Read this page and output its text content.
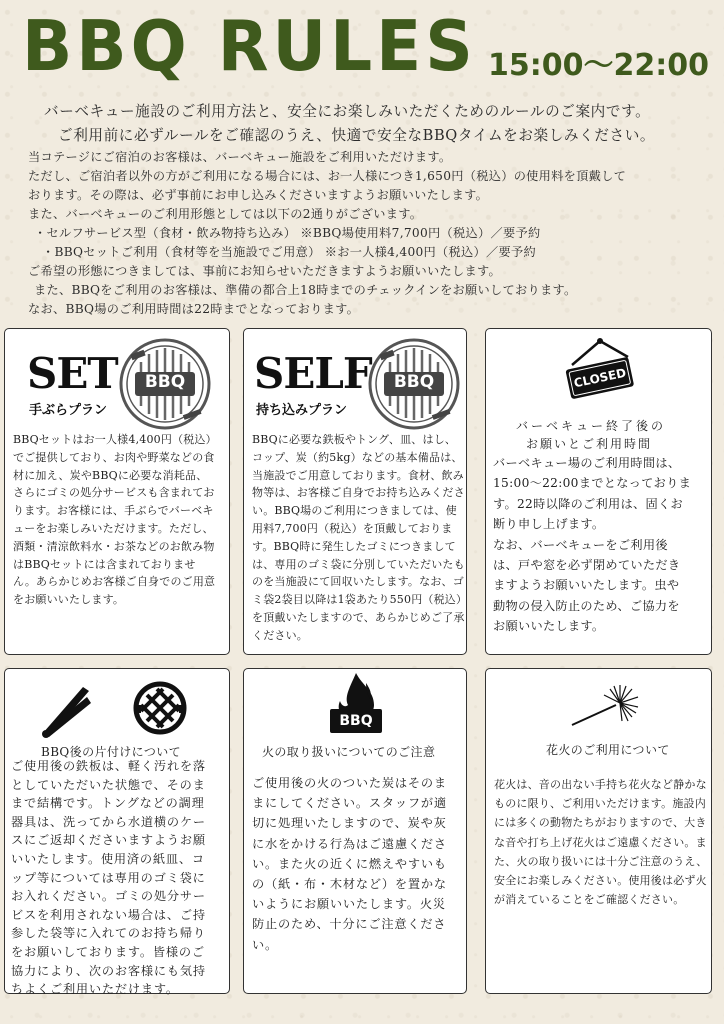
BBQ RULES 15:00～22:00
バーベキュー施設のご利用方法と、安全にお楽しみいただくためのルールのご案内です。
ご利用前に必ずルールをご確認のうえ、快適で安全なBBQタイムをお楽しみください。
当コテージにご宿泊のお客様は、バーベキュー施設をご利用いただけます。
ただし、ご宿泊者以外の方がご利用になる場合には、お一人様につき1,650円（税込）の使用料を頂戴して
おります。その際は、必ず事前にお申し込みくださいますようお願いいたします。
また、バーベキューのご利用形態としては以下の2通りがございます。
・セルフサービス型（食材・飲み物持ち込み） ※BBQ場使用料7,700円（税込）／要予約
・BBQセットご利用（食材等を当施設でご用意） ※お一人様4,400円（税込）／要予約
ご希望の形態につきましては、事前にお知らせいただきますようお願いいたします。
また、BBQをご利用のお客様は、準備の都合上18時までのチェックインをお願いしております。
なお、BBQ場のご利用時間は22時までとなっております。
SET
手ぶらプラン
BBQ
BBQセットはお一人様4,400円（税込）
でご提供しており、お肉や野菜などの食
材に加え、炭やBBQに必要な消耗品、
さらにゴミの処分サービスも含まれてお
ります。お客様には、手ぶらでバーベキ
ューをお楽しみいただけます。ただし、
酒類・清涼飲料水・お茶などのお飲み物
はBBQセットには含まれておりませ
ん。あらかじめお客様ご自身でのご用意
をお願いいたします。
SELF
持ち込みプラン
BBQ
BBQに必要な鉄板やトング、皿、はし、
コップ、炭（約5kg）などの基本備品は、
当施設でご用意しております。食材、飲み
物等は、お客様ご自身でお持ち込みくださ
い。BBQ場のご利用につきましては、使
用料7,700円（税込）を頂戴しておりま
す。BBQ時に発生したゴミにつきまして
は、専用のゴミ袋に分別していただいたも
のを当施設にて回収いたします。なお、ゴ
ミ袋2袋目以降は1袋あたり550円（税込）
を頂戴いたしますので、あらかじめご了承
ください。
CLOSED
バーベキュー終了後の
お願いとご利用時間
バーベキュー場のご利用時間は、
15:00～22:00までとなっておりま
す。22時以降のご利用は、固くお
断り申し上げます。
なお、バーベキューをご利用後
は、戸や窓を必ず閉めていただき
ますようお願いいたします。虫や
動物の侵入防止のため、ご協力を
お願いいたします。
BBQ後の片付けについて
ご使用後の鉄板は、軽く汚れを落
としていただいた状態で、そのま
まで結構です。トングなどの調理
器具は、洗ってから水道横のケー
スにご返却くださいますようお願
いいたします。使用済の紙皿、コ
ップ等については専用のゴミ袋に
お入れください。ゴミの処分サー
ビスを利用されない場合は、ご持
参した袋等に入れてのお持ち帰り
をお願いしております。皆様のご
協力により、次のお客様にも気持
ちよくご利用いただけます。
BBQ
火の取り扱いについてのご注意
ご使用後の火のついた炭はそのま
まにしてください。スタッフが適
切に処理いたしますので、炭や灰
に水をかける行為はご遠慮くださ
い。また火の近くに燃えやすいも
の（紙・布・木材など）を置かな
いようにお願いいたします。火災
防止のため、十分にご注意くださ
い。
花火のご利用について
花火は、音の出ない手持ち花火など静かな
ものに限り、ご利用いただけます。施設内
には多くの動物たちがおりますので、大き
な音や打ち上げ花火はご遠慮ください。ま
た、火の取り扱いには十分ご注意のうえ、
安全にお楽しみください。使用後は必ず火
が消えていることをご確認ください。
